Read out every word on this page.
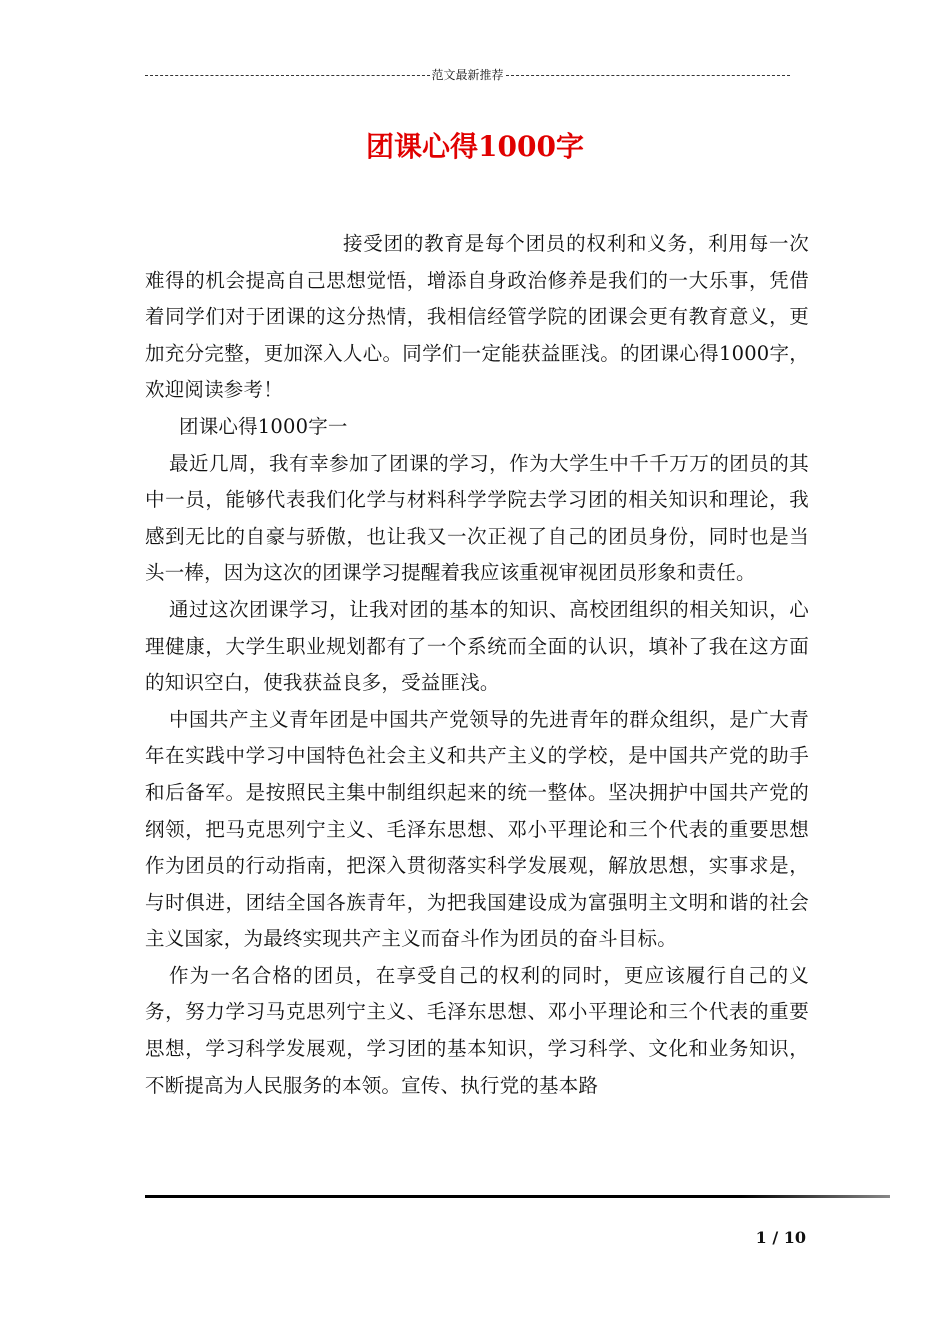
范文最新推荐
团课心得1000字

接受团的教育是每个团员的权利和义务，利用每一次难得的机会提高自己思想觉悟，增添自身政治修养是我们的一大乐事，凭借着同学们对于团课的这分热情，我相信经管学院的团课会更有教育意义，更加充分完整，更加深入人心。同学们一定能获益匪浅。的团课心得1000字，欢迎阅读参考！

团课心得1000字一

最近几周，我有幸参加了团课的学习，作为大学生中千千万万的团员的其中一员，能够代表我们化学与材料科学学院去学习团的相关知识和理论，我感到无比的自豪与骄傲，也让我又一次正视了自己的团员身份，同时也是当头一棒，因为这次的团课学习提醒着我应该重视审视团员形象和责任。

通过这次团课学习，让我对团的基本的知识、高校团组织的相关知识，心理健康，大学生职业规划都有了一个系统而全面的认识，填补了我在这方面的知识空白，使我获益良多，受益匪浅。

中国共产主义青年团是中国共产党领导的先进青年的群众组织，是广大青年在实践中学习中国特色社会主义和共产主义的学校，是中国共产党的助手和后备军。是按照民主集中制组织起来的统一整体。坚决拥护中国共产党的纲领，把马克思列宁主义、毛泽东思想、邓小平理论和三个代表的重要思想作为团员的行动指南，把深入贯彻落实科学发展观，解放思想，实事求是，与时俱进，团结全国各族青年，为把我国建设成为富强明主文明和谐的社会主义国家，为最终实现共产主义而奋斗作为团员的奋斗目标。

作为一名合格的团员，在享受自己的权利的同时，更应该履行自己的义务，努力学习马克思列宁主义、毛泽东思想、邓小平理论和三个代表的重要思想，学习科学发展观，学习团的基本知识，学习科学、文化和业务知识，不断提高为人民服务的本领。宣传、执行党的基本路

1 / 10
